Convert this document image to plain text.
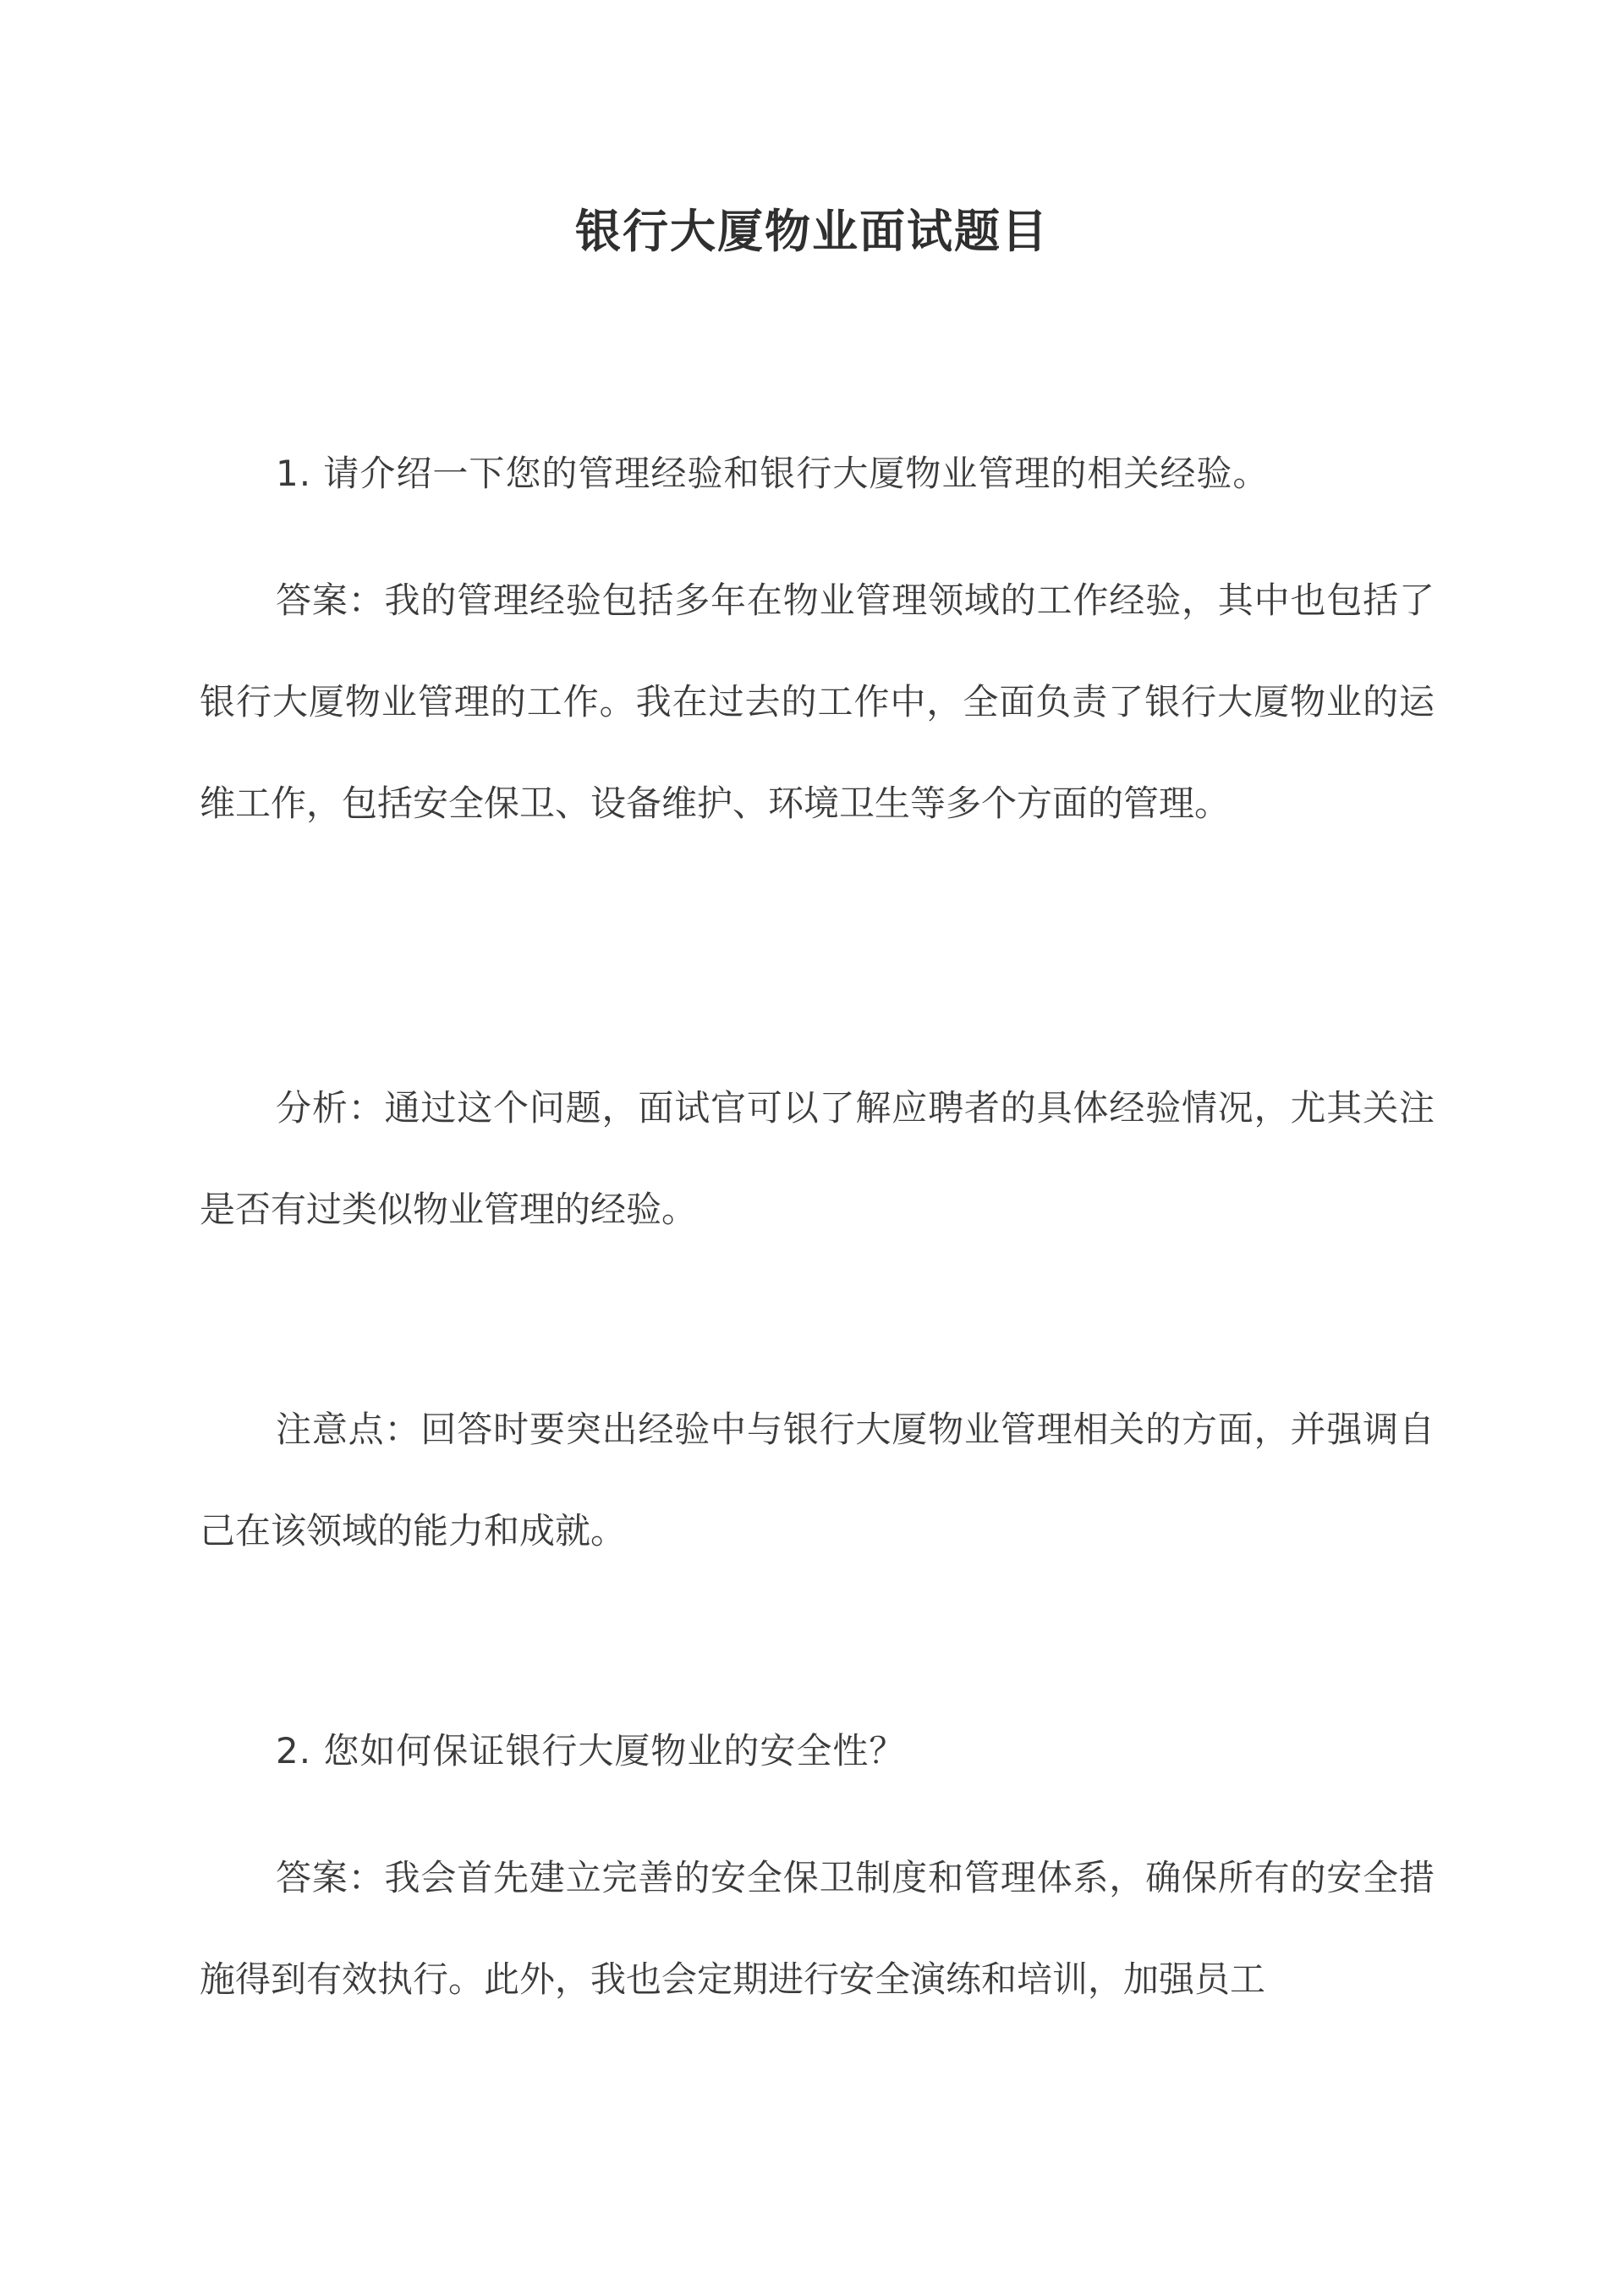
银行大厦物业面试题目

1. 请介绍一下您的管理经验和银行大厦物业管理的相关经验。

答案：我的管理经验包括多年在物业管理领域的工作经验，其中也包括了银行大厦物业管理的工作。我在过去的工作中，全面负责了银行大厦物业的运维工作，包括安全保卫、设备维护、环境卫生等多个方面的管理。

分析：通过这个问题，面试官可以了解应聘者的具体经验情况，尤其关注是否有过类似物业管理的经验。

注意点：回答时要突出经验中与银行大厦物业管理相关的方面，并强调自己在该领域的能力和成就。

2. 您如何保证银行大厦物业的安全性？

答案：我会首先建立完善的安全保卫制度和管理体系，确保所有的安全措施得到有效执行。此外，我也会定期进行安全演练和培训，加强员工
